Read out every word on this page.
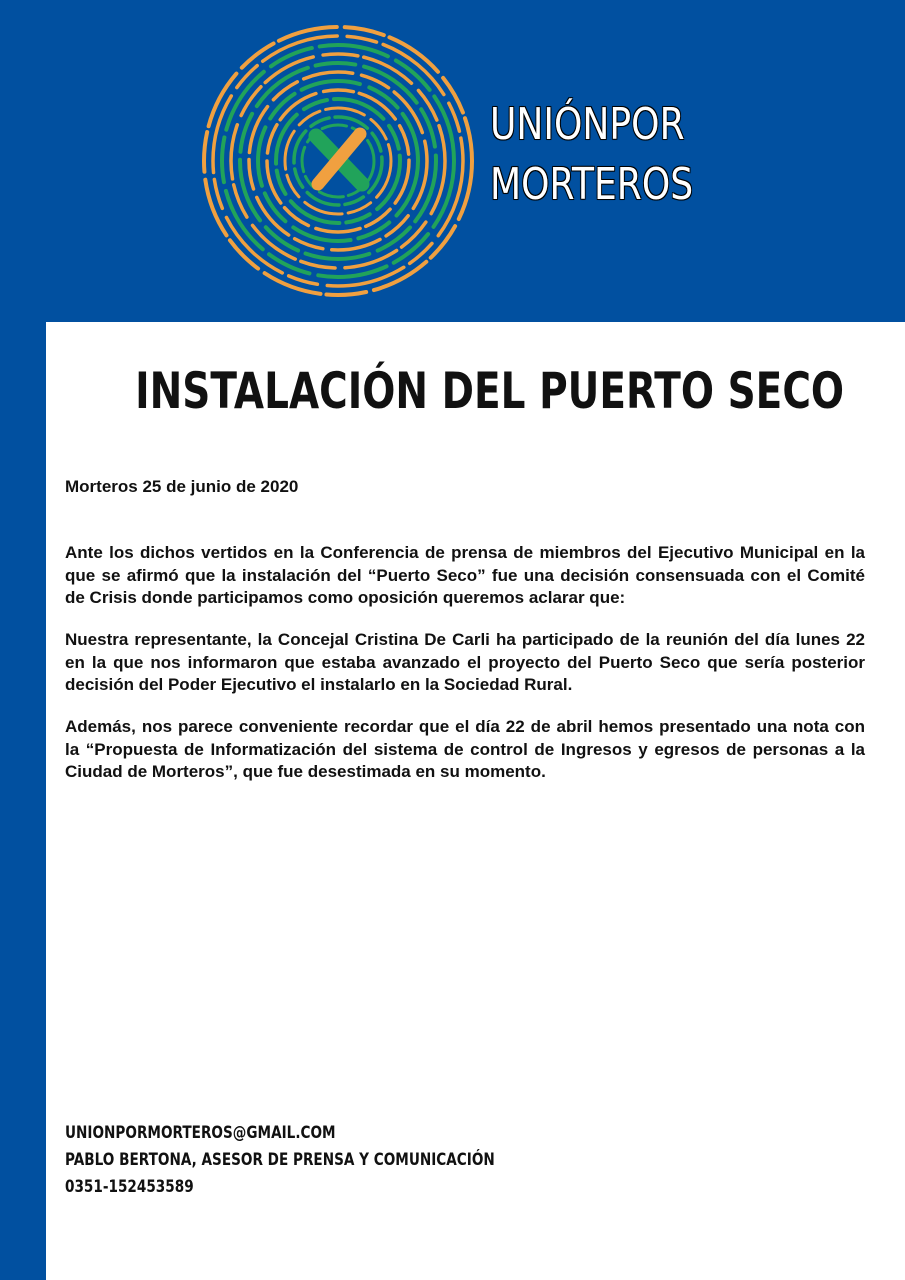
UNIÓNPOR
MORTEROS
INSTALACIÓN DEL PUERTO SECO
Morteros 25 de junio de 2020

Ante los dichos vertidos en la Conferencia de prensa de miembros del Ejecutivo Municipal en la que se afirmó que la instalación del “Puerto Seco” fue una decisión consensuada con el Comité de Crisis donde participamos como oposición queremos aclarar que:

Nuestra representante, la Concejal Cristina De Carli ha participado de la reunión del día lunes 22 en la que nos informaron que estaba avanzado el proyecto del Puerto Seco que sería posterior decisión del Poder Ejecutivo el instalarlo en la Sociedad Rural.

Además, nos parece conveniente recordar que el día 22 de abril hemos presentado una nota con la “Propuesta de Informatización del sistema de control de Ingresos y egresos de personas a la Ciudad de Morteros”, que fue desestimada en su momento.

UNIONPORMORTEROS@GMAIL.COM
PABLO BERTONA, ASESOR DE PRENSA Y COMUNICACIÓN
0351-152453589
